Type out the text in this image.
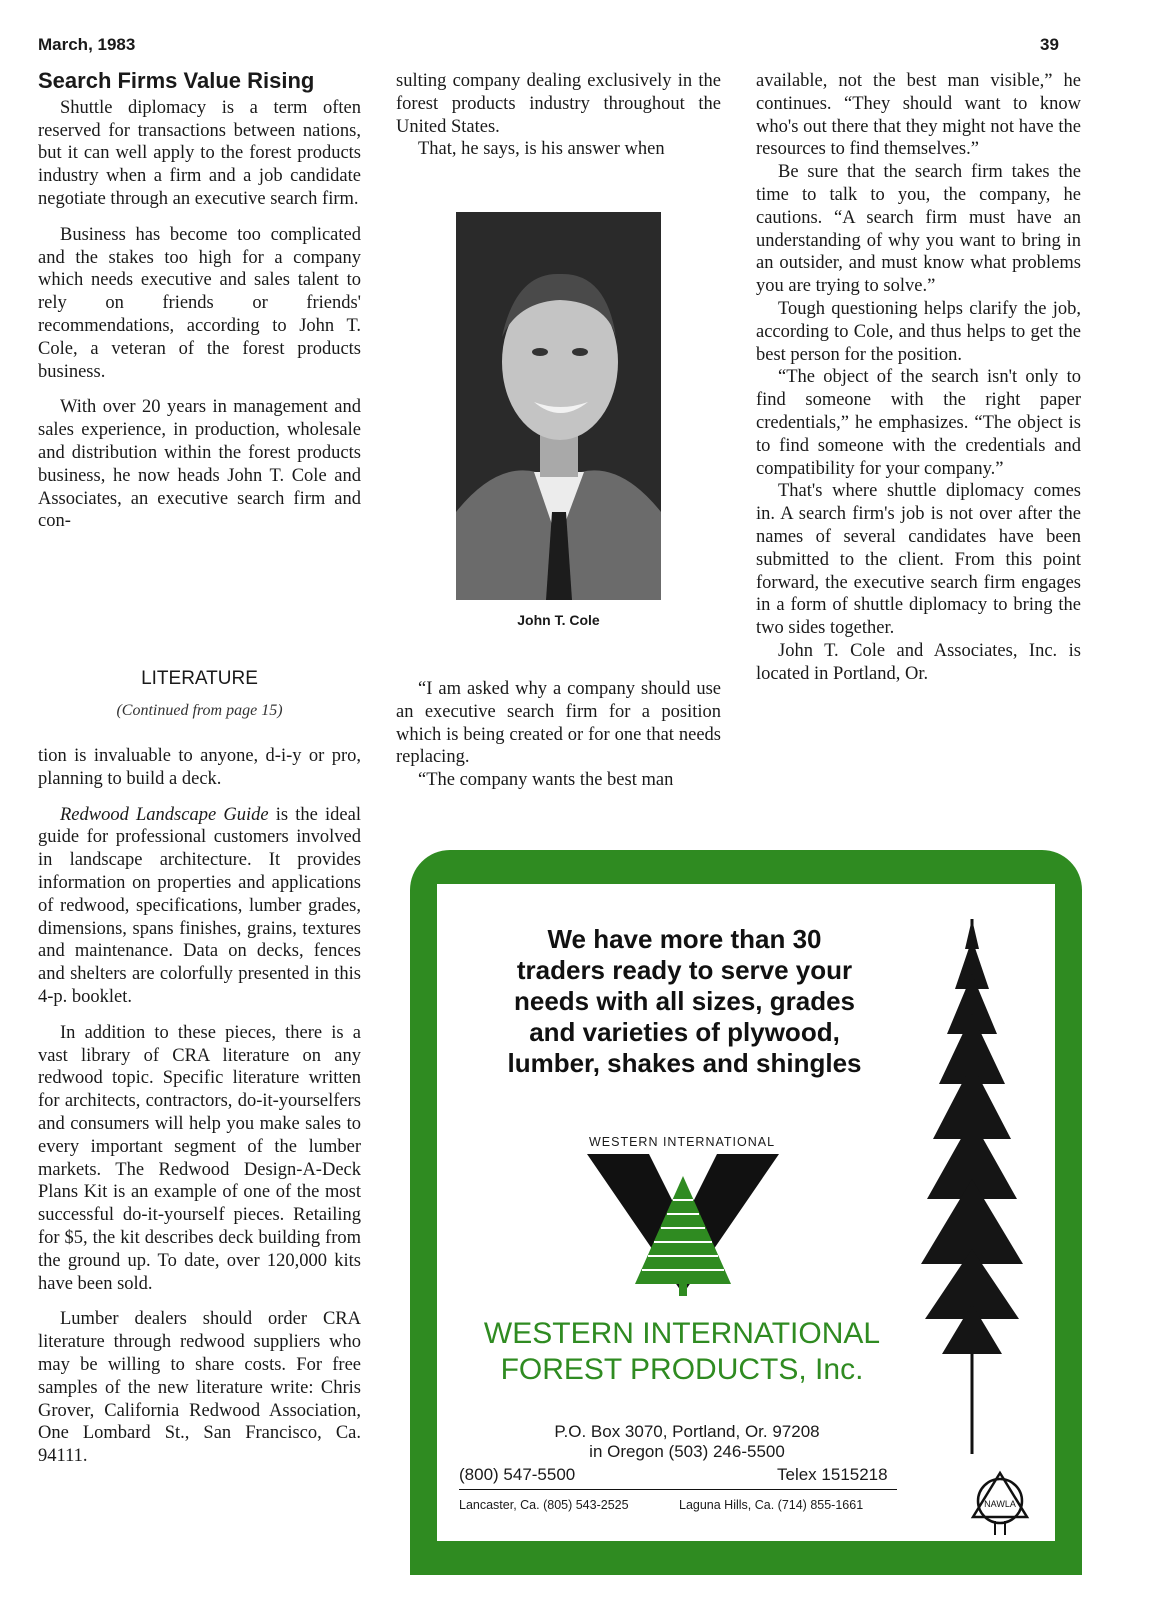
March, 1983	39
Search Firms Value Rising

Shuttle diplomacy is a term often reserved for transactions between nations, but it can well apply to the forest products industry when a firm and a job candidate negotiate through an executive search firm.

Business has become too complicated and the stakes too high for a company which needs executive and sales talent to rely on friends or friends' recommendations, according to John T. Cole, a veteran of the forest products business.

With over 20 years in management and sales experience, in production, wholesale and distribution within the forest products business, he now heads John T. Cole and Associates, an executive search firm and con-

sulting company dealing exclusively in the forest products industry throughout the United States.

That, he says, is his answer when

John T. Cole

“I am asked why a company should use an executive search firm for a position which is being created or for one that needs replacing.

“The company wants the best man

available, not the best man visible,” he continues. “They should want to know who's out there that they might not have the resources to find themselves.”

Be sure that the search firm takes the time to talk to you, the company, he cautions. “A search firm must have an understanding of why you want to bring in an outsider, and must know what problems you are trying to solve.”

Tough questioning helps clarify the job, according to Cole, and thus helps to get the best person for the position.

“The object of the search isn't only to find someone with the right paper credentials,” he emphasizes. “The object is to find someone with the credentials and compatibility for your company.”

That's where shuttle diplomacy comes in. A search firm's job is not over after the names of several candidates have been submitted to the client. From this point forward, the executive search firm engages in a form of shuttle diplomacy to bring the two sides together.

John T. Cole and Associates, Inc. is located in Portland, Or.

LITERATURE
(Continued from page 15)

tion is invaluable to anyone, d-i-y or pro, planning to build a deck.

Redwood Landscape Guide is the ideal guide for professional customers involved in landscape architecture. It provides information on properties and applications of redwood, specifications, lumber grades, dimensions, spans finishes, grains, textures and maintenance. Data on decks, fences and shelters are colorfully presented in this 4-p. booklet.

In addition to these pieces, there is a vast library of CRA literature on any redwood topic. Specific literature written for architects, contractors, do-it-yourselfers and consumers will help you make sales to every important segment of the lumber markets. The Redwood Design-A-Deck Plans Kit is an example of one of the most successful do-it-yourself pieces. Retailing for $5, the kit describes deck building from the ground up. To date, over 120,000 kits have been sold.

Lumber dealers should order CRA literature through redwood suppliers who may be willing to share costs. For free samples of the new literature write: Chris Grover, California Redwood Association, One Lombard St., San Francisco, Ca. 94111.

We have more than 30
traders ready to serve your
needs with all sizes, grades
and varieties of plywood,
lumber, shakes and shingles
WESTERN INTERNATIONAL
WESTERN INTERNATIONAL
FOREST PRODUCTS, Inc.
P.O. Box 3070, Portland, Or. 97208
in Oregon (503) 246-5500
(800) 547-5500	Telex 1515218
Lancaster, Ca. (805) 543-2525	Laguna Hills, Ca. (714) 855-1661	NAWLA
